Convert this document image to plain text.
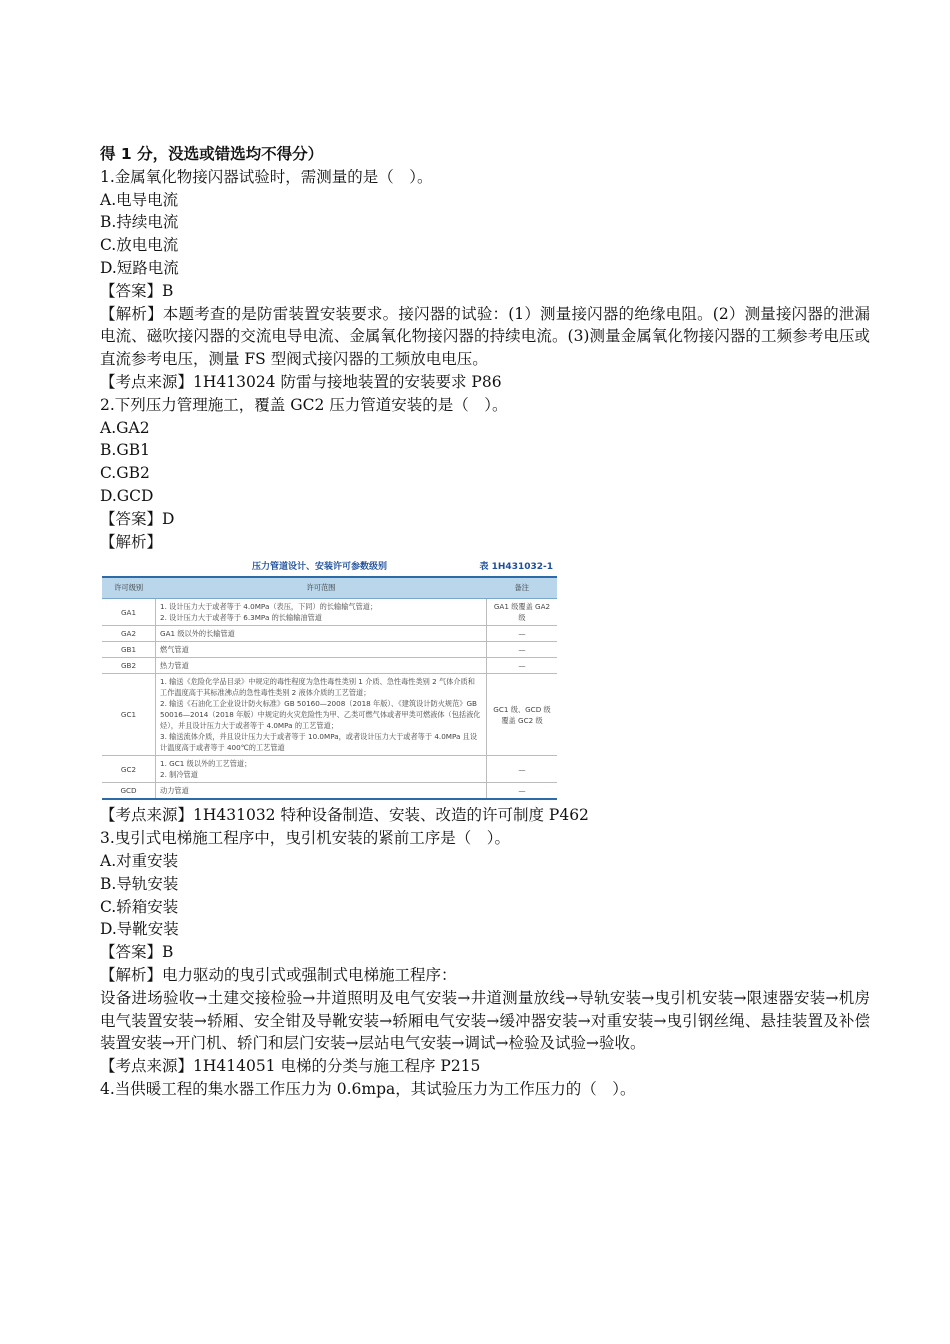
得 1 分，没选或错选均不得分）
1.金属氧化物接闪器试验时，需测量的是（　）。
A.电导电流
B.持续电流
C.放电电流
D.短路电流
【答案】B
【解析】本题考查的是防雷装置安装要求。接闪器的试验：(1）测量接闪器的绝缘电阻。(2）测量接闪器的泄漏电流、磁吹接闪器的交流电导电流、金属氧化物接闪器的持续电流。(3)测量金属氧化物接闪器的工频参考电压或直流参考电压，测量 FS 型阀式接闪器的工频放电电压。
【考点来源】1H413024 防雷与接地装置的安装要求 P86
2.下列压力管理施工，覆盖 GC2 压力管道安装的是（　）。
A.GA2
B.GB1
C.GB2
D.GCD
【答案】D
【解析】
压力管道设计、安装许可参数级别	表 1H431032-1
许可级别	许可范围	备注
GA1	1. 设计压力大于或者等于 4.0MPa（表压，下同）的长输输气管道；
2. 设计压力大于或者等于 6.3MPa 的长输输油管道	GA1 级覆盖 GA2 级
GA2	GA1 级以外的长输管道	—
GB1	燃气管道	—
GB2	热力管道	—
GC1	1. 输送《危险化学品目录》中规定的毒性程度为急性毒性类别 1 介质、急性毒性类别 2 气体介质和工作温度高于其标准沸点的急性毒性类别 2 液体介质的工艺管道；
2. 输送《石油化工企业设计防火标准》GB 50160—2008（2018 年版）、《建筑设计防火规范》GB 50016—2014（2018 年版）中规定的火灾危险性为甲、乙类可燃气体或者甲类可燃液体（包括液化烃），并且设计压力大于或者等于 4.0MPa 的工艺管道；
3. 输送流体介质，并且设计压力大于或者等于 10.0MPa，或者设计压力大于或者等于 4.0MPa 且设计温度高于或者等于 400℃的工艺管道	GC1 级、GCD 级覆盖 GC2 级
GC2	1. GC1 级以外的工艺管道；
2. 制冷管道	—
GCD	动力管道	—
【考点来源】1H431032 特种设备制造、安装、改造的许可制度 P462
3.曳引式电梯施工程序中，曳引机安装的紧前工序是（　）。
A.对重安装
B.导轨安装
C.轿箱安装
D.导靴安装
【答案】B
【解析】电力驱动的曳引式或强制式电梯施工程序：
设备进场验收→土建交接检验→井道照明及电气安装→井道测量放线→导轨安装→曳引机安装→限速器安装→机房电气装置安装→轿厢、安全钳及导靴安装→轿厢电气安装→缓冲器安装→对重安装→曳引钢丝绳、悬挂装置及补偿装置安装→开门机、轿门和层门安装→层站电气安装→调试→检验及试验→验收。
【考点来源】1H414051 电梯的分类与施工程序 P215
4.当供暖工程的集水器工作压力为 0.6mpa，其试验压力为工作压力的（　）。
